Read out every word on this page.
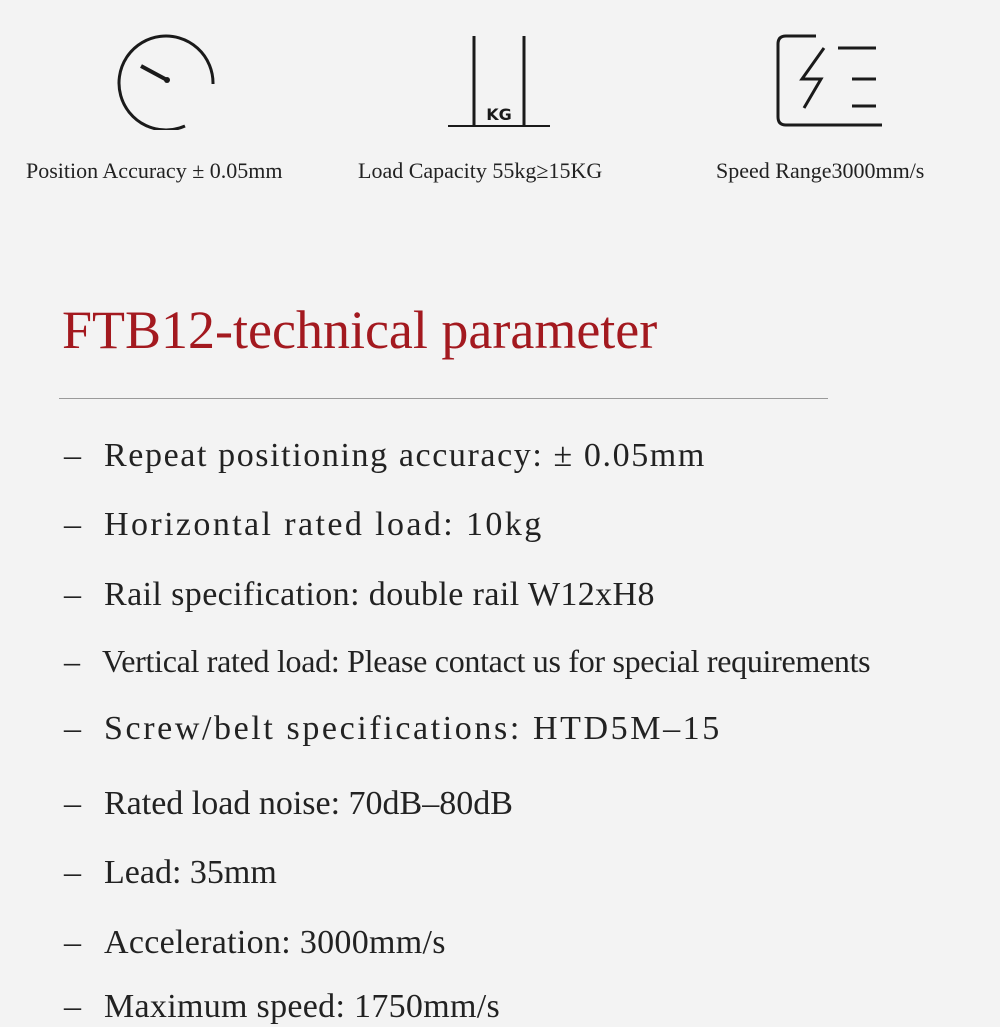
KG
Position Accuracy ± 0.05mm	Load Capacity 55kg≥15KG	Speed Range3000mm/s
FTB12-technical parameter
– Repeat positioning accuracy: ± 0.05mm
– Horizontal rated load: 10kg
– Rail specification: double rail W12xH8
– Vertical rated load: Please contact us for special requirements
– Screw/belt specifications: HTD5M–15
– Rated load noise: 70dB–80dB
– Lead: 35mm
– Acceleration: 3000mm/s
– Maximum speed: 1750mm/s
